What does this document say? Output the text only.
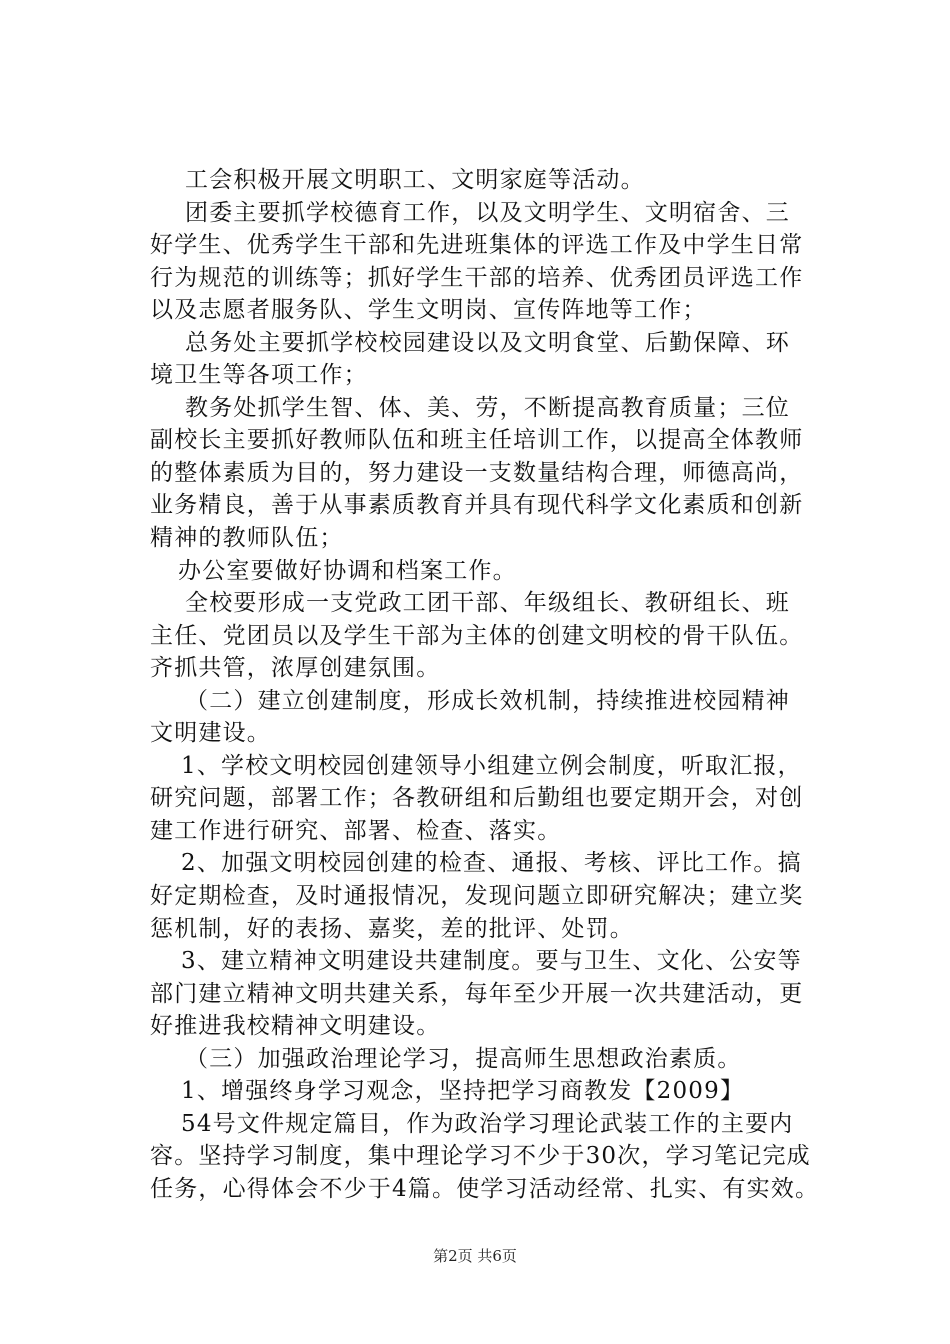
工会积极开展文明职工、文明家庭等活动。
团委主要抓学校德育工作，以及文明学生、文明宿舍、三
好学生、优秀学生干部和先进班集体的评选工作及中学生日常
行为规范的训练等；抓好学生干部的培养、优秀团员评选工作
以及志愿者服务队、学生文明岗、宣传阵地等工作；
总务处主要抓学校校园建设以及文明食堂、后勤保障、环
境卫生等各项工作；
教务处抓学生智、体、美、劳，不断提高教育质量；三位
副校长主要抓好教师队伍和班主任培训工作，以提高全体教师
的整体素质为目的，努力建设一支数量结构合理，师德高尚，
业务精良，善于从事素质教育并具有现代科学文化素质和创新
精神的教师队伍；
办公室要做好协调和档案工作。
全校要形成一支党政工团干部、年级组长、教研组长、班
主任、党团员以及学生干部为主体的创建文明校的骨干队伍。
齐抓共管，浓厚创建氛围。
（二）建立创建制度，形成长效机制，持续推进校园精神
文明建设。
1、学校文明校园创建领导小组建立例会制度，听取汇报，
研究问题，部署工作；各教研组和后勤组也要定期开会，对创
建工作进行研究、部署、检查、落实。
2、加强文明校园创建的检查、通报、考核、评比工作。搞
好定期检查，及时通报情况，发现问题立即研究解决；建立奖
惩机制，好的表扬、嘉奖，差的批评、处罚。
3、建立精神文明建设共建制度。要与卫生、文化、公安等
部门建立精神文明共建关系，每年至少开展一次共建活动，更
好推进我校精神文明建设。
（三）加强政治理论学习，提高师生思想政治素质。
1、增强终身学习观念，坚持把学习商教发【2009】
54号文件规定篇目，作为政治学习理论武装工作的主要内
容。坚持学习制度，集中理论学习不少于30次，学习笔记完成
任务，心得体会不少于4篇。使学习活动经常、扎实、有实效。
第2页 共6页
